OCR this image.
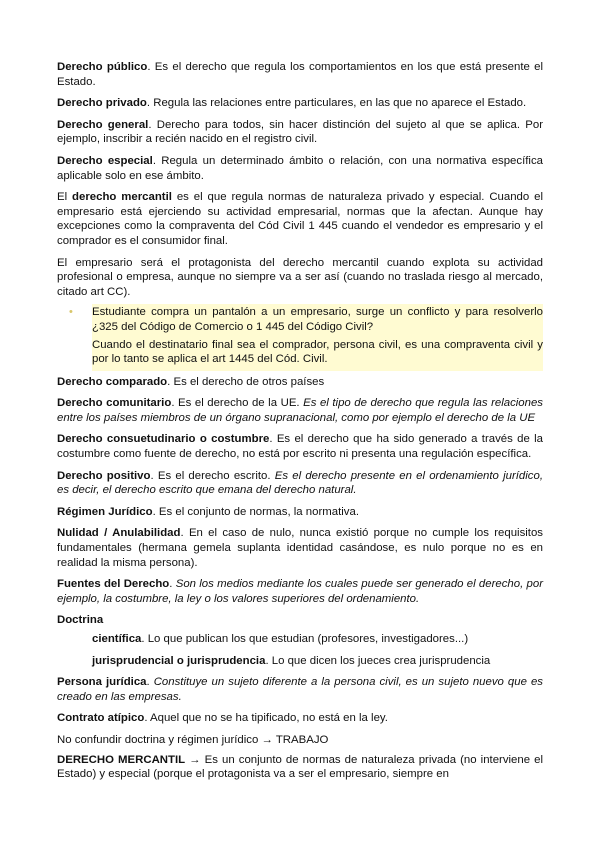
Derecho público. Es el derecho que regula los comportamientos en los que está presente el Estado.

Derecho privado. Regula las relaciones entre particulares, en las que no aparece el Estado.

Derecho general. Derecho para todos, sin hacer distinción del sujeto al que se aplica. Por ejemplo, inscribir a recién nacido en el registro civil.

Derecho especial. Regula un determinado ámbito o relación, con una normativa específica aplicable solo en ese ámbito.

El derecho mercantil es el que regula normas de naturaleza privado y especial. Cuando el empresario está ejerciendo su actividad empresarial, normas que la afectan. Aunque hay excepciones como la compraventa del Cód Civil 1 445 cuando el vendedor es empresario y el comprador es el consumidor final.

El empresario será el protagonista del derecho mercantil cuando explota su actividad profesional o empresa, aunque no siempre va a ser así (cuando no traslada riesgo al mercado, citado art CC).

• Estudiante compra un pantalón a un empresario, surge un conflicto y para resolverlo ¿325 del Código de Comercio o 1 445 del Código Civil?

Cuando el destinatario final sea el comprador, persona civil, es una compraventa civil y por lo tanto se aplica el art 1445 del Cód. Civil.

Derecho comparado. Es el derecho de otros países

Derecho comunitario. Es el derecho de la UE. Es el tipo de derecho que regula las relaciones entre los países miembros de un órgano supranacional, como por ejemplo el derecho de la UE

Derecho consuetudinario o costumbre. Es el derecho que ha sido generado a través de la costumbre como fuente de derecho, no está por escrito ni presenta una regulación específica.

Derecho positivo. Es el derecho escrito. Es el derecho presente en el ordenamiento jurídico, es decir, el derecho escrito que emana del derecho natural.

Régimen Jurídico. Es el conjunto de normas, la normativa.

Nulidad / Anulabilidad. En el caso de nulo, nunca existió porque no cumple los requisitos fundamentales (hermana gemela suplanta identidad casándose, es nulo porque no es en realidad la misma persona).

Fuentes del Derecho. Son los medios mediante los cuales puede ser generado el derecho, por ejemplo, la costumbre, la ley o los valores superiores del ordenamiento.

Doctrina

científica. Lo que publican los que estudian (profesores, investigadores...)

jurisprudencial o jurisprudencia. Lo que dicen los jueces crea jurisprudencia

Persona jurídica. Constituye un sujeto diferente a la persona civil, es un sujeto nuevo que es creado en las empresas.

Contrato atípico. Aquel que no se ha tipificado, no está en la ley.

No confundir doctrina y régimen jurídico → TRABAJO

DERECHO MERCANTIL → Es un conjunto de normas de naturaleza privada (no interviene el Estado) y especial (porque el protagonista va a ser el empresario, siempre en
